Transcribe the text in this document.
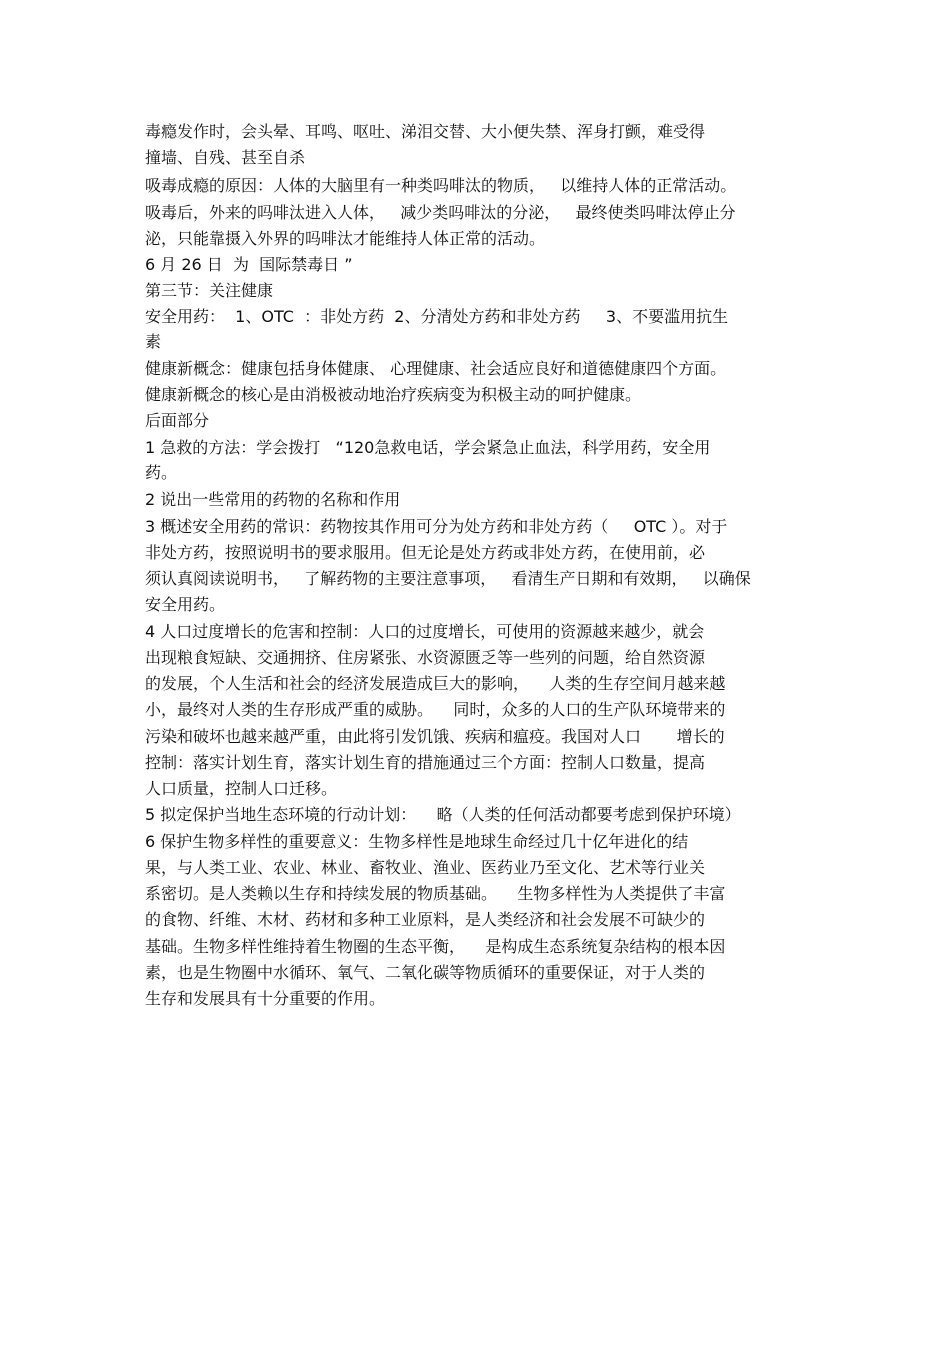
毒瘾发作时，会头晕、耳鸣、呕吐、涕泪交替、大小便失禁、浑身打颤，难受得
撞墙、自残、甚至自杀
吸毒成瘾的原因：人体的大脑里有一种类吗啡汰的物质，   以维持人体的正常活动。
吸毒后，外来的吗啡汰进入人体，   减少类吗啡汰的分泌，   最终使类吗啡汰停止分
泌，只能靠摄入外界的吗啡汰才能维持人体正常的活动。
6 月 26 日  为  国际禁毒日 ”
第三节：关注健康
安全用药：  1、OTC  ：非处方药  2、分清处方药和非处方药     3、不要滥用抗生
素
健康新概念：健康包括身体健康、 心理健康、社会适应良好和道德健康四个方面。
健康新概念的核心是由消极被动地治疗疾病变为积极主动的呵护健康。
后面部分
1 急救的方法：学会拨打   “120急救电话，学会紧急止血法，科学用药，安全用
药。
2 说出一些常用的药物的名称和作用
3 概述安全用药的常识：药物按其作用可分为处方药和非处方药（     OTC ）。对于
非处方药，按照说明书的要求服用。但无论是处方药或非处方药，在使用前，必
须认真阅读说明书，   了解药物的主要注意事项，   看清生产日期和有效期，   以确保
安全用药。
4 人口过度增长的危害和控制：人口的过度增长，可使用的资源越来越少，就会
出现粮食短缺、交通拥挤、住房紧张、水资源匮乏等一些列的问题，给自然资源
的发展，个人生活和社会的经济发展造成巨大的影响，    人类的生存空间月越来越
小，最终对人类的生存形成严重的威胁。    同时，众多的人口的生产队环境带来的
污染和破坏也越来越严重，由此将引发饥饿、疾病和瘟疫。我国对人口       增长的
控制：落实计划生育，落实计划生育的措施通过三个方面：控制人口数量，提高
人口质量，控制人口迁移。
5 拟定保护当地生态环境的行动计划：    略（人类的任何活动都要考虑到保护环境）
6 保护生物多样性的重要意义：生物多样性是地球生命经过几十亿年进化的结
果，与人类工业、农业、林业、畜牧业、渔业、医药业乃至文化、艺术等行业关
系密切。是人类赖以生存和持续发展的物质基础。    生物多样性为人类提供了丰富
的食物、纤维、木材、药材和多种工业原料，是人类经济和社会发展不可缺少的
基础。生物多样性维持着生物圈的生态平衡，    是构成生态系统复杂结构的根本因
素，也是生物圈中水循环、氧气、二氧化碳等物质循环的重要保证，对于人类的
生存和发展具有十分重要的作用。
